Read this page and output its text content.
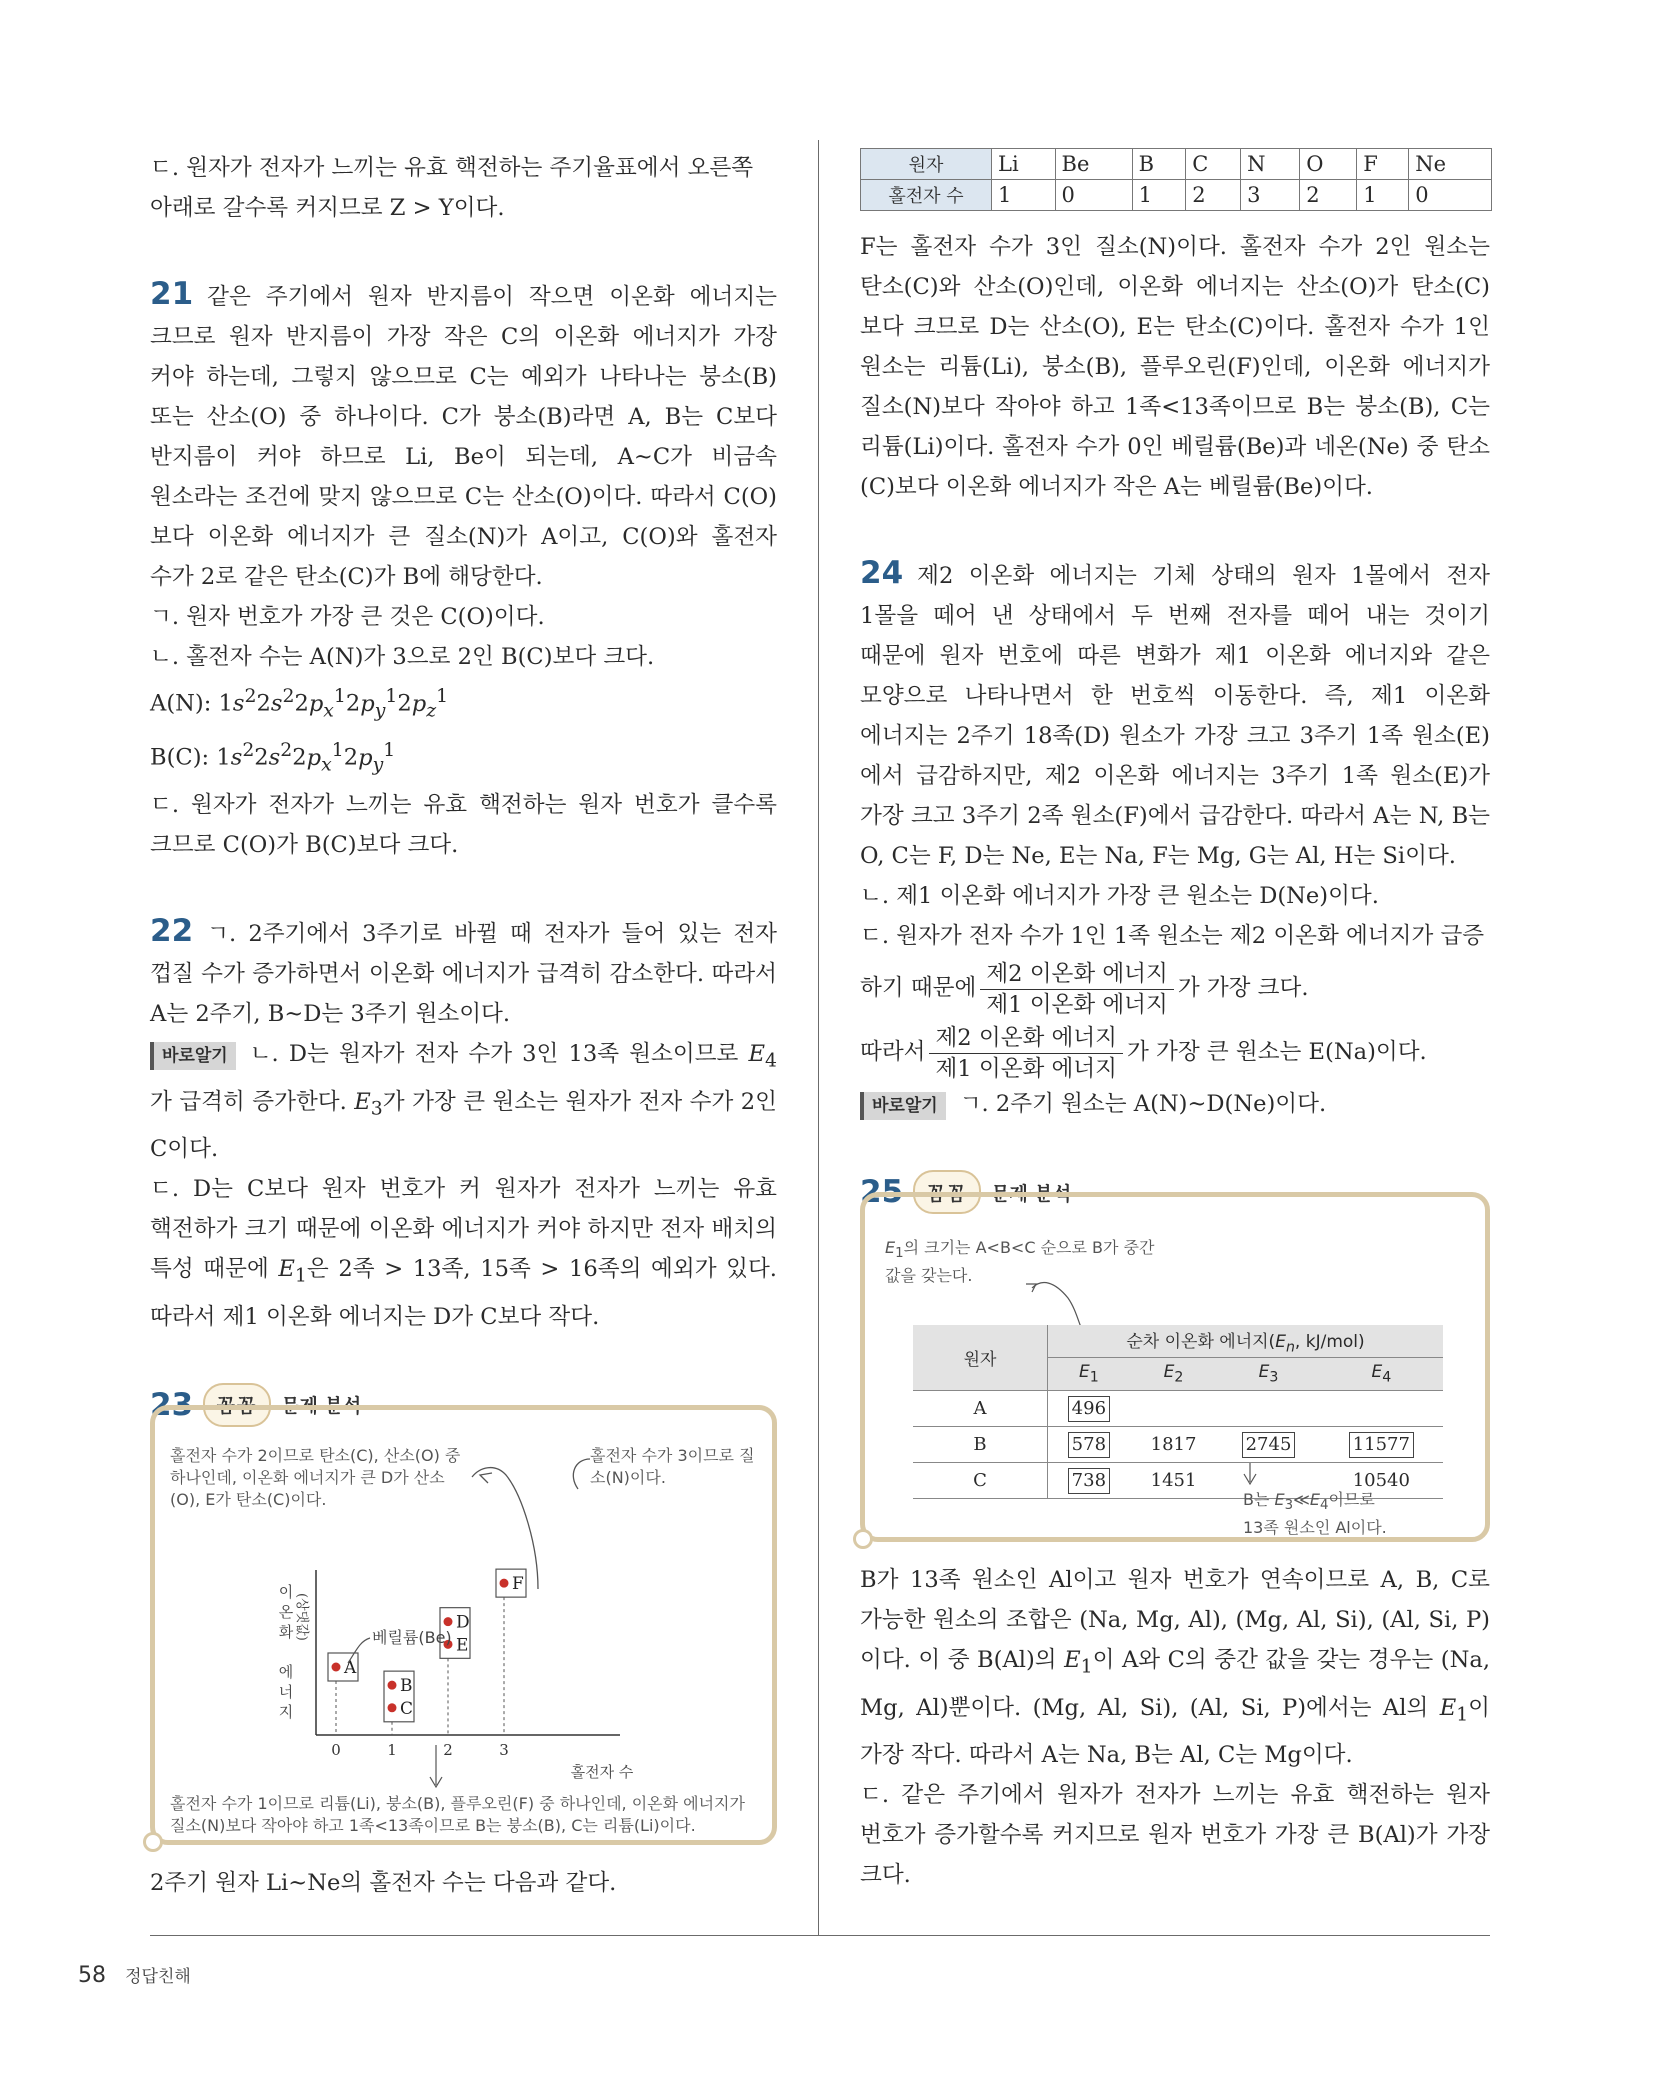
ㄷ. 원자가 전자가 느끼는 유효 핵전하는 주기율표에서 오른쪽

아래로 갈수록 커지므로 Z > Y이다.

21 같은 주기에서 원자 반지름이 작으면 이온화 에너지는 크므로 원자 반지름이 가장 작은 C의 이온화 에너지가 가장 커야 하는데, 그렇지 않으므로 C는 예외가 나타나는 붕소(B) 또는 산소(O) 중 하나이다. C가 붕소(B)라면 A, B는 C보다 반지름이 커야 하므로 Li, Be이 되는데, A~C가 비금속 원소라는 조건에 맞지 않으므로 C는 산소(O)이다. 따라서 C(O)보다 이온화 에너지가 큰 질소(N)가 A이고, C(O)와 홀전자 수가 2로 같은 탄소(C)가 B에 해당한다.

ㄱ. 원자 번호가 가장 큰 것은 C(O)이다.

ㄴ. 홀전자 수는 A(N)가 3으로 2인 B(C)보다 크다.

A(N): $1s^22s^22p_x^12p_y^12p_z^1$

B(C): $1s^22s^22p_x^12p_y^1$

ㄷ. 원자가 전자가 느끼는 유효 핵전하는 원자 번호가 클수록 크므로 C(O)가 B(C)보다 크다.

22 ㄱ. 2주기에서 3주기로 바뀔 때 전자가 들어 있는 전자 껍질 수가 증가하면서 이온화 에너지가 급격히 감소한다. 따라서 A는 2주기, B~D는 3주기 원소이다.

바로알기 ㄴ. D는 원자가 전자 수가 3인 13족 원소이므로 $E_4$ 가 급격히 증가한다. $E_3$가 가장 큰 원소는 원자가 전자 수가 2인 C이다.

ㄷ. D는 C보다 원자 번호가 커 원자가 전자가 느끼는 유효 핵전하가 크기 때문에 이온화 에너지가 커야 하지만 전자 배치의 특성 때문에 $E_1$은 2족 > 13족, 15족 > 16족의 예외가 있다. 따라서 제1 이온화 에너지는 D가 C보다 작다.

23	꼼꼼	문제 분석
홀전자 수가 2이므로 탄소(C), 산소(O) 중 하나인데, 이온화 에너지가 큰 D가 산소(O), E가 탄소(C)이다.
홀전자 수가 3이므로 질소(N)이다.
이
온
화
에
너
지
(상댓값)
A
B
C
D
E
F
0	1	2	3
홀전자 수
베릴륨(Be)
홀전자 수가 1이므로 리튬(Li), 붕소(B), 플루오린(F) 중 하나인데, 이온화 에너지가 질소(N)보다 작아야 하고 1족<13족이므로 B는 붕소(B), C는 리튬(Li)이다.

2주기 원자 Li~Ne의 홀전자 수는 다음과 같다.

원자	Li	Be	B	C	N	O	F	Ne
홀전자 수	1	0	1	2	3	2	1	0

F는 홀전자 수가 3인 질소(N)이다. 홀전자 수가 2인 원소는 탄소(C)와 산소(O)인데, 이온화 에너지는 산소(O)가 탄소(C)보다 크므로 D는 산소(O), E는 탄소(C)이다. 홀전자 수가 1인 원소는 리튬(Li), 붕소(B), 플루오린(F)인데, 이온화 에너지가 질소(N)보다 작아야 하고 1족<13족이므로 B는 붕소(B), C는 리튬(Li)이다. 홀전자 수가 0인 베릴륨(Be)과 네온(Ne) 중 탄소(C)보다 이온화 에너지가 작은 A는 베릴륨(Be)이다.

24 제2 이온화 에너지는 기체 상태의 원자 1몰에서 전자 1몰을 떼어 낸 상태에서 두 번째 전자를 떼어 내는 것이기 때문에 원자 번호에 따른 변화가 제1 이온화 에너지와 같은 모양으로 나타나면서 한 번호씩 이동한다. 즉, 제1 이온화 에너지는 2주기 18족(D) 원소가 가장 크고 3주기 1족 원소(E)에서 급감하지만, 제2 이온화 에너지는 3주기 1족 원소(E)가 가장 크고 3주기 2족 원소(F)에서 급감한다. 따라서 A는 N, B는 O, C는 F, D는 Ne, E는 Na, F는 Mg, G는 Al, H는 Si이다.

ㄴ. 제1 이온화 에너지가 가장 큰 원소는 D(Ne)이다.

ㄷ. 원자가 전자 수가 1인 1족 원소는 제2 이온화 에너지가 급증

하기 때문에 $\frac{\text{제2 이온화 에너지}}{\text{제1 이온화 에너지}}$ 가 가장 크다.

따라서 $\frac{\text{제2 이온화 에너지}}{\text{제1 이온화 에너지}}$ 가 가장 큰 원소는 E(Na)이다.

바로알기 ㄱ. 2주기 원소는 A(N)~D(Ne)이다.

25	꼼꼼	문제 분석
$E_1$의 크기는 A<B<C 순으로 B가 중간 값을 갖는다.
원자	순차 이온화 에너지($E_n$, kJ/mol)			
	$E_1$	$E_2$	$E_3$	$E_4$
A	496			
B	578	1817	2745	11577
C	738	1451		10540
B는 $E_3≪E_4$이므로
13족 원소인 Al이다.

B가 13족 원소인 Al이고 원자 번호가 연속이므로 A, B, C로 가능한 원소의 조합은 (Na, Mg, Al), (Mg, Al, Si), (Al, Si, P)이다. 이 중 B(Al)의 $E_1$이 A와 C의 중간 값을 갖는 경우는 (Na, Mg, Al)뿐이다. (Mg, Al, Si), (Al, Si, P)에서는 Al의 $E_1$이 가장 작다. 따라서 A는 Na, B는 Al, C는 Mg이다.

ㄷ. 같은 주기에서 원자가 전자가 느끼는 유효 핵전하는 원자 번호가 증가할수록 커지므로 원자 번호가 가장 큰 B(Al)가 가장 크다.

58 정답친해
